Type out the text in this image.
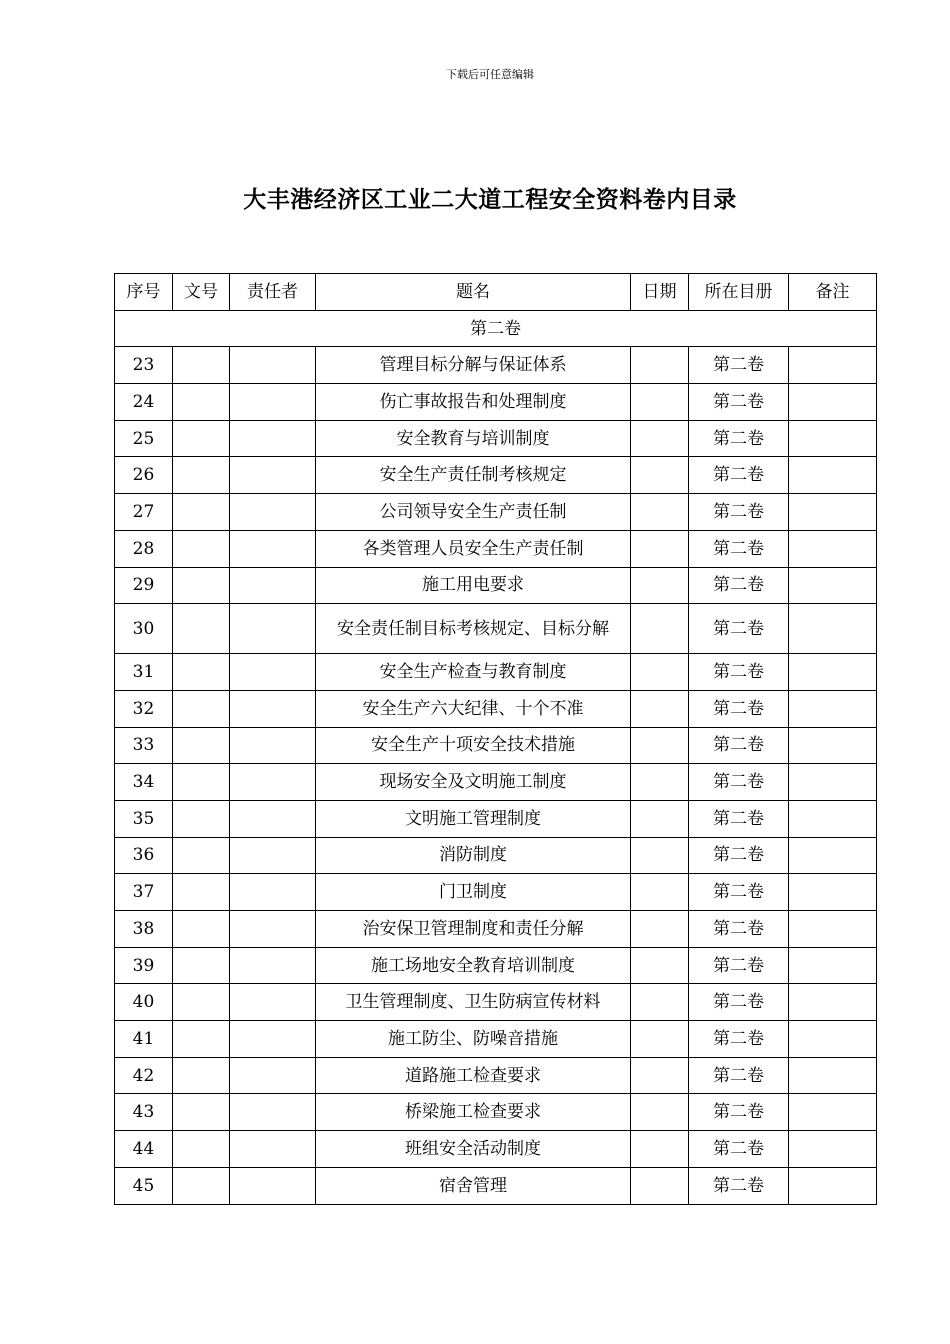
下载后可任意编辑
大丰港经济区工业二大道工程安全资料卷内目录
序号	文号	责任者	题名	日期	所在目册	备注
第二卷						
23			管理目标分解与保证体系		第二卷	
24			伤亡事故报告和处理制度		第二卷	
25			安全教育与培训制度		第二卷	
26			安全生产责任制考核规定		第二卷	
27			公司领导安全生产责任制		第二卷	
28			各类管理人员安全生产责任制		第二卷	
29			施工用电要求		第二卷	
30			安全责任制目标考核规定、目标分解		第二卷	
31			安全生产检查与教育制度		第二卷	
32			安全生产六大纪律、十个不准		第二卷	
33			安全生产十项安全技术措施		第二卷	
34			现场安全及文明施工制度		第二卷	
35			文明施工管理制度		第二卷	
36			消防制度		第二卷	
37			门卫制度		第二卷	
38			治安保卫管理制度和责任分解		第二卷	
39			施工场地安全教育培训制度		第二卷	
40			卫生管理制度、卫生防病宣传材料		第二卷	
41			施工防尘、防噪音措施		第二卷	
42			道路施工检查要求		第二卷	
43			桥梁施工检查要求		第二卷	
44			班组安全活动制度		第二卷	
45			宿舍管理		第二卷	
